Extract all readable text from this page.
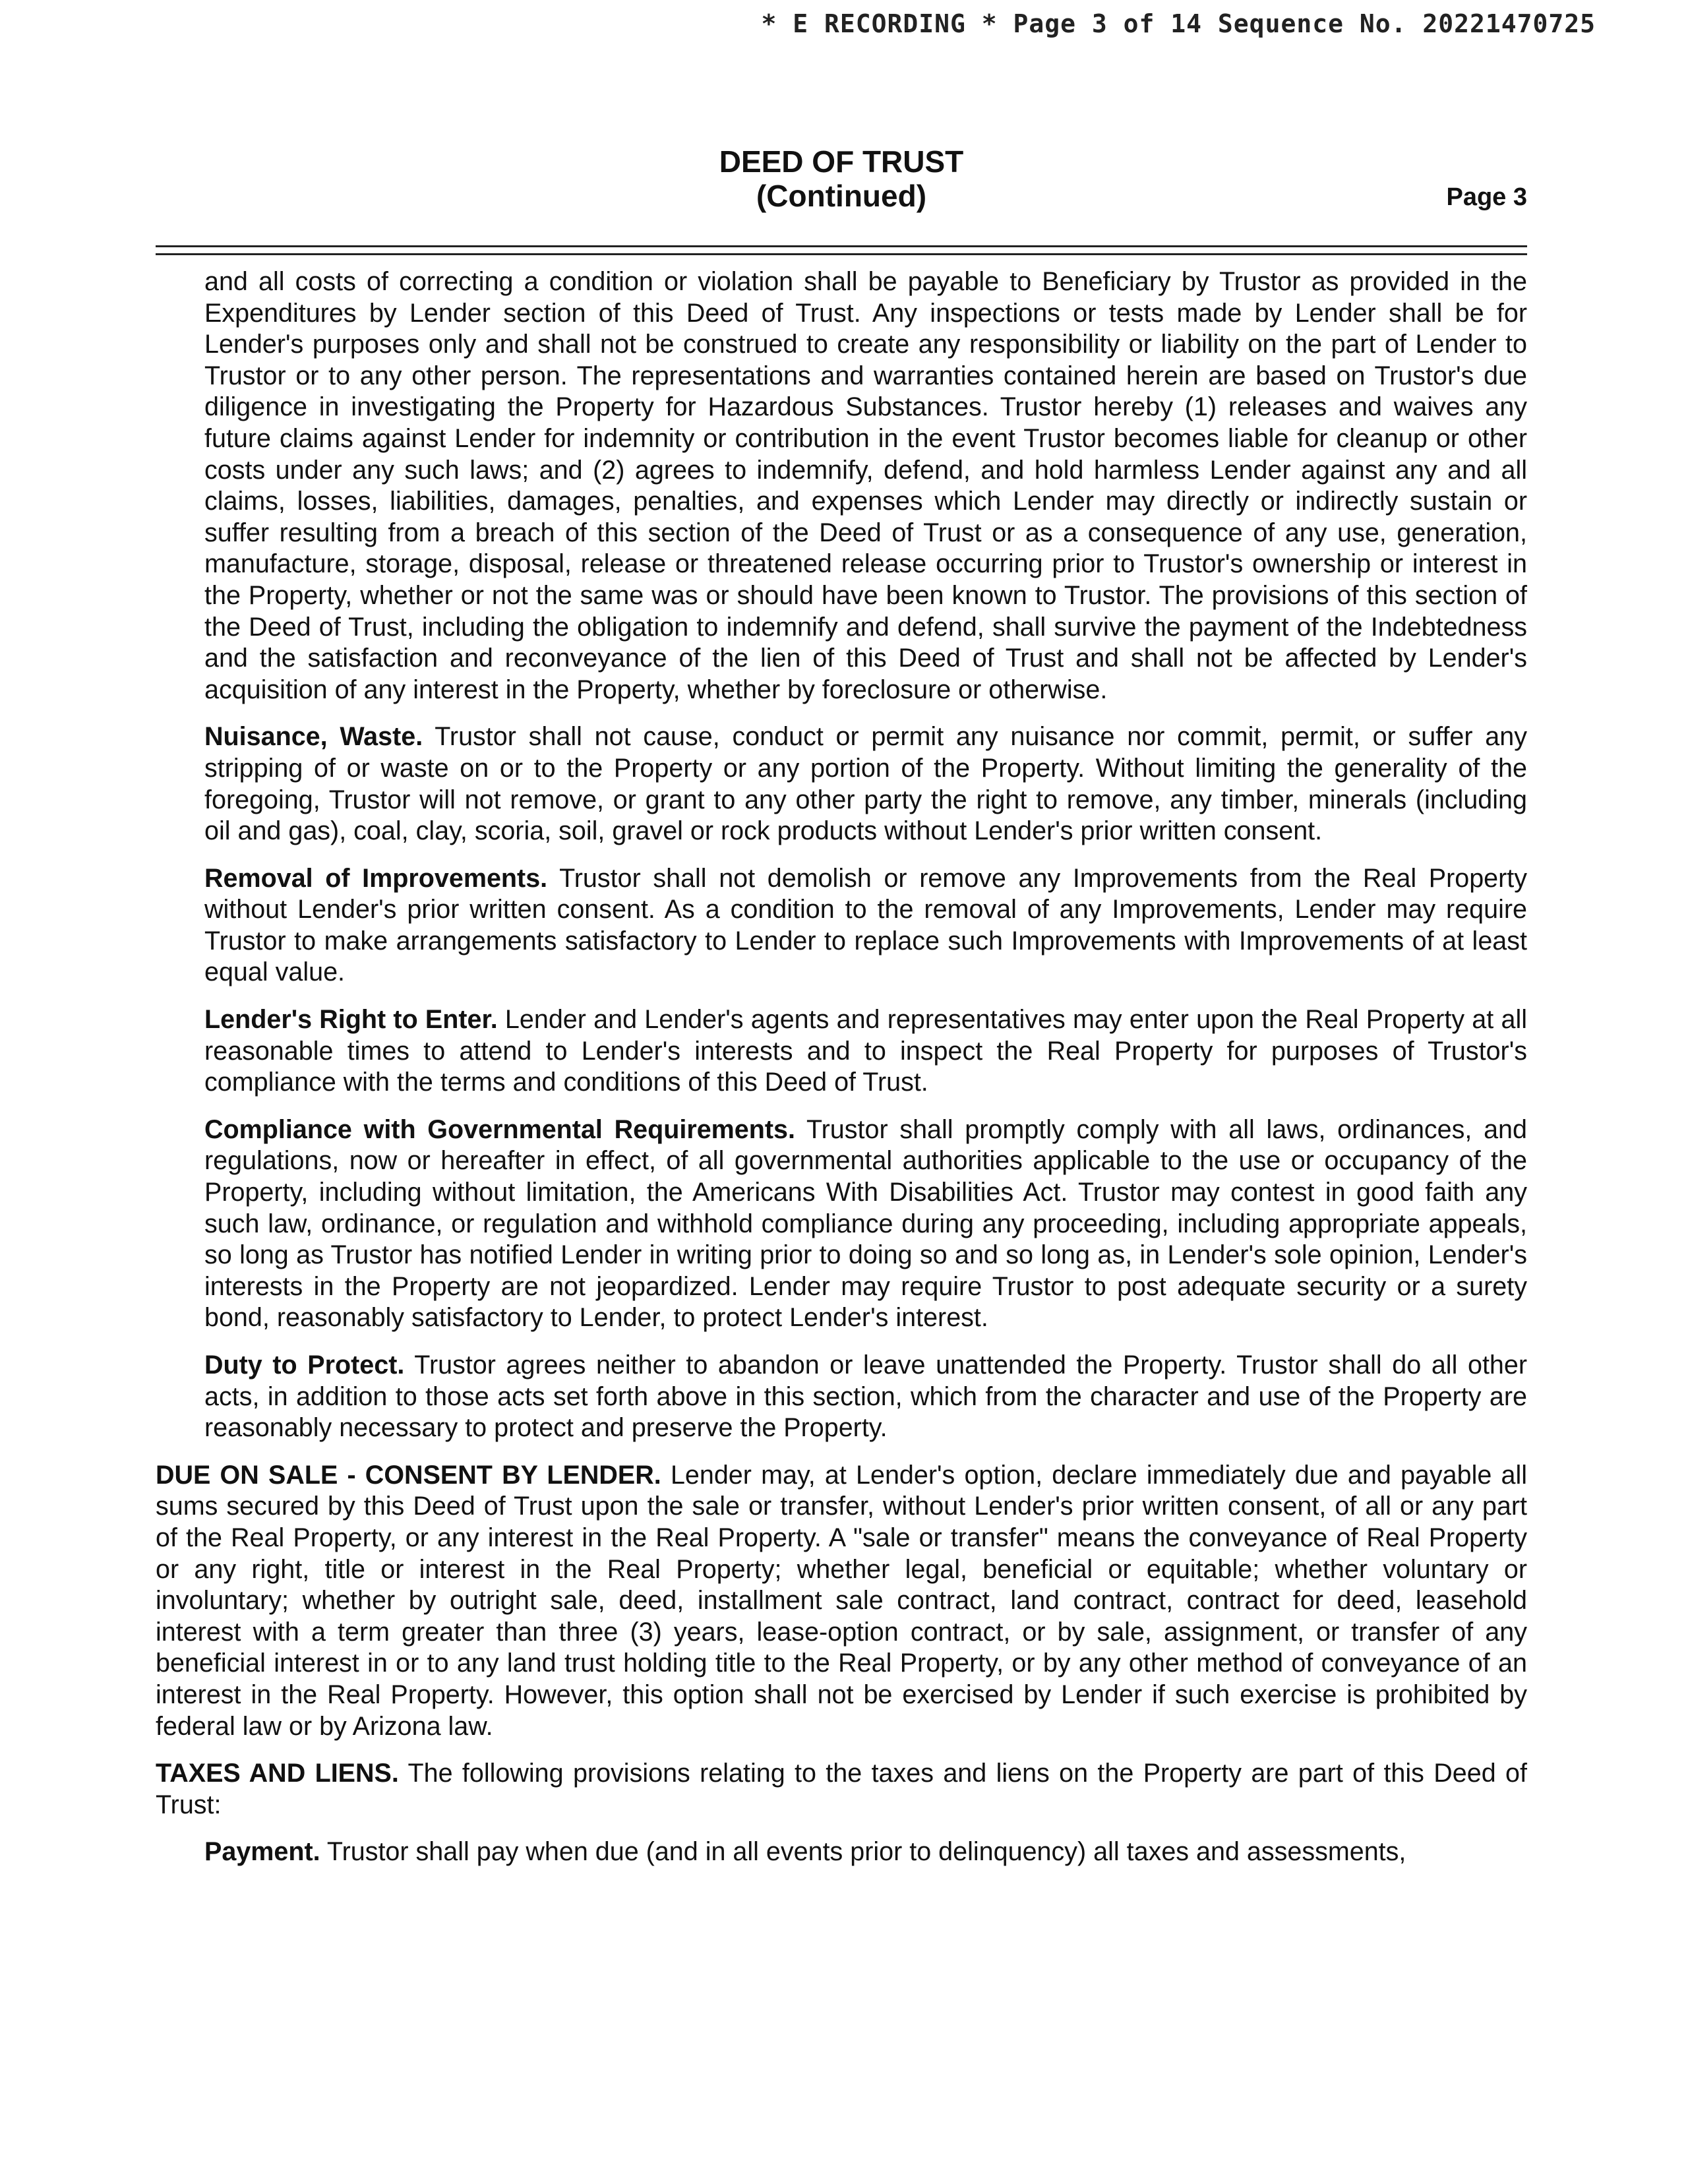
* E RECORDING * Page 3 of 14 Sequence No. 20221470725
DEED OF TRUST
(Continued)	Page 3

and all costs of correcting a condition or violation shall be payable to Beneficiary by Trustor as provided in the Expenditures by Lender section of this Deed of Trust. Any inspections or tests made by Lender shall be for Lender's purposes only and shall not be construed to create any responsibility or liability on the part of Lender to Trustor or to any other person. The representations and warranties contained herein are based on Trustor's due diligence in investigating the Property for Hazardous Substances. Trustor hereby (1) releases and waives any future claims against Lender for indemnity or contribution in the event Trustor becomes liable for cleanup or other costs under any such laws; and (2) agrees to indemnify, defend, and hold harmless Lender against any and all claims, losses, liabilities, damages, penalties, and expenses which Lender may directly or indirectly sustain or suffer resulting from a breach of this section of the Deed of Trust or as a consequence of any use, generation, manufacture, storage, disposal, release or threatened release occurring prior to Trustor's ownership or interest in the Property, whether or not the same was or should have been known to Trustor. The provisions of this section of the Deed of Trust, including the obligation to indemnify and defend, shall survive the payment of the Indebtedness and the satisfaction and reconveyance of the lien of this Deed of Trust and shall not be affected by Lender's acquisition of any interest in the Property, whether by foreclosure or otherwise.

Nuisance, Waste. Trustor shall not cause, conduct or permit any nuisance nor commit, permit, or suffer any stripping of or waste on or to the Property or any portion of the Property. Without limiting the generality of the foregoing, Trustor will not remove, or grant to any other party the right to remove, any timber, minerals (including oil and gas), coal, clay, scoria, soil, gravel or rock products without Lender's prior written consent.

Removal of Improvements. Trustor shall not demolish or remove any Improvements from the Real Property without Lender's prior written consent. As a condition to the removal of any Improvements, Lender may require Trustor to make arrangements satisfactory to Lender to replace such Improvements with Improvements of at least equal value.

Lender's Right to Enter. Lender and Lender's agents and representatives may enter upon the Real Property at all reasonable times to attend to Lender's interests and to inspect the Real Property for purposes of Trustor's compliance with the terms and conditions of this Deed of Trust.

Compliance with Governmental Requirements. Trustor shall promptly comply with all laws, ordinances, and regulations, now or hereafter in effect, of all governmental authorities applicable to the use or occupancy of the Property, including without limitation, the Americans With Disabilities Act. Trustor may contest in good faith any such law, ordinance, or regulation and withhold compliance during any proceeding, including appropriate appeals, so long as Trustor has notified Lender in writing prior to doing so and so long as, in Lender's sole opinion, Lender's interests in the Property are not jeopardized. Lender may require Trustor to post adequate security or a surety bond, reasonably satisfactory to Lender, to protect Lender's interest.

Duty to Protect. Trustor agrees neither to abandon or leave unattended the Property. Trustor shall do all other acts, in addition to those acts set forth above in this section, which from the character and use of the Property are reasonably necessary to protect and preserve the Property.

DUE ON SALE - CONSENT BY LENDER. Lender may, at Lender's option, declare immediately due and payable all sums secured by this Deed of Trust upon the sale or transfer, without Lender's prior written consent, of all or any part of the Real Property, or any interest in the Real Property. A "sale or transfer" means the conveyance of Real Property or any right, title or interest in the Real Property; whether legal, beneficial or equitable; whether voluntary or involuntary; whether by outright sale, deed, installment sale contract, land contract, contract for deed, leasehold interest with a term greater than three (3) years, lease-option contract, or by sale, assignment, or transfer of any beneficial interest in or to any land trust holding title to the Real Property, or by any other method of conveyance of an interest in the Real Property. However, this option shall not be exercised by Lender if such exercise is prohibited by federal law or by Arizona law.

TAXES AND LIENS. The following provisions relating to the taxes and liens on the Property are part of this Deed of Trust:

Payment. Trustor shall pay when due (and in all events prior to delinquency) all taxes and assessments,
